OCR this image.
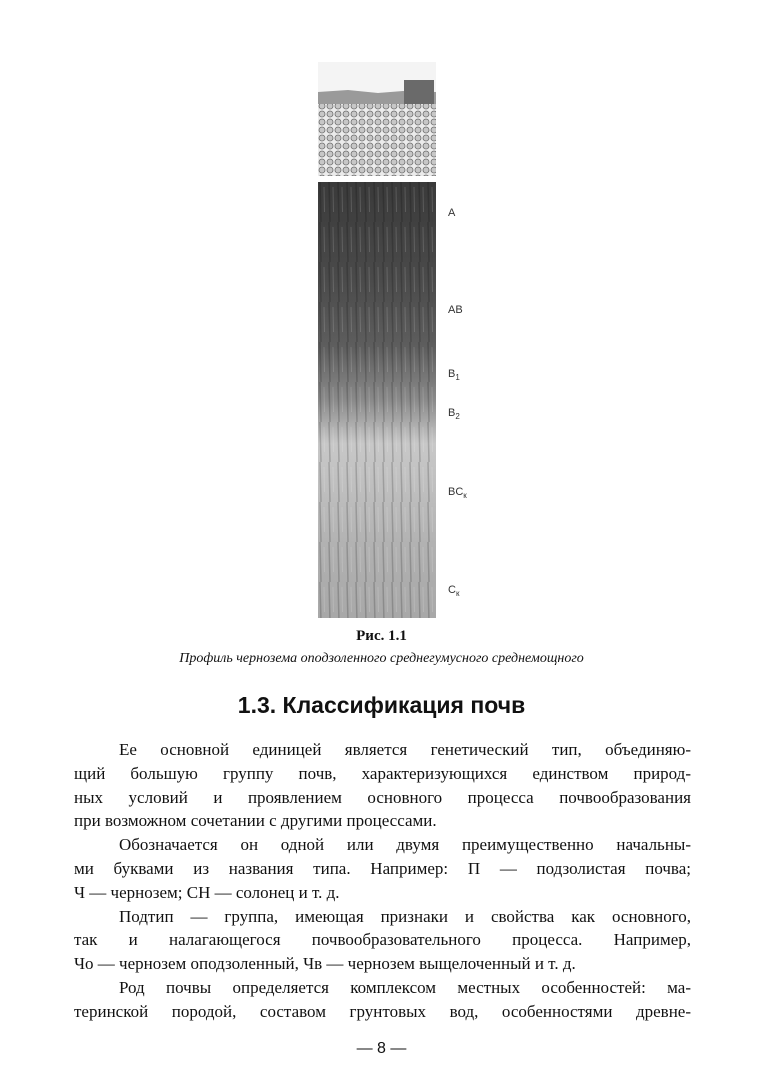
A
AB
$B_1$
$B_2$
$BC_к$
$C_к$
Рис. 1.1
Профиль чернозема оподзоленного среднегумусного среднемощного
1.3. Классификация почв

Ее основной единицей является генетический тип, объединяю-
щий большую группу почв, характеризующихся единством природ-
ных условий и проявлением основного процесса почвообразования
при возможном сочетании с другими процессами.

Обозначается он одной или двумя преимущественно начальны-
ми буквами из названия типа. Например: П — подзолистая почва;
Ч — чернозем; СН — солонец и т. д.

Подтип — группа, имеющая признаки и свойства как основного,
так и налагающегося почвообразовательного процесса. Например,
Чо — чернозем оподзоленный, Чв — чернозем выщелоченный и т. д.

Род почвы определяется комплексом местных особенностей: ма-
теринской породой, составом грунтовых вод, особенностями древне-

— 8 —
